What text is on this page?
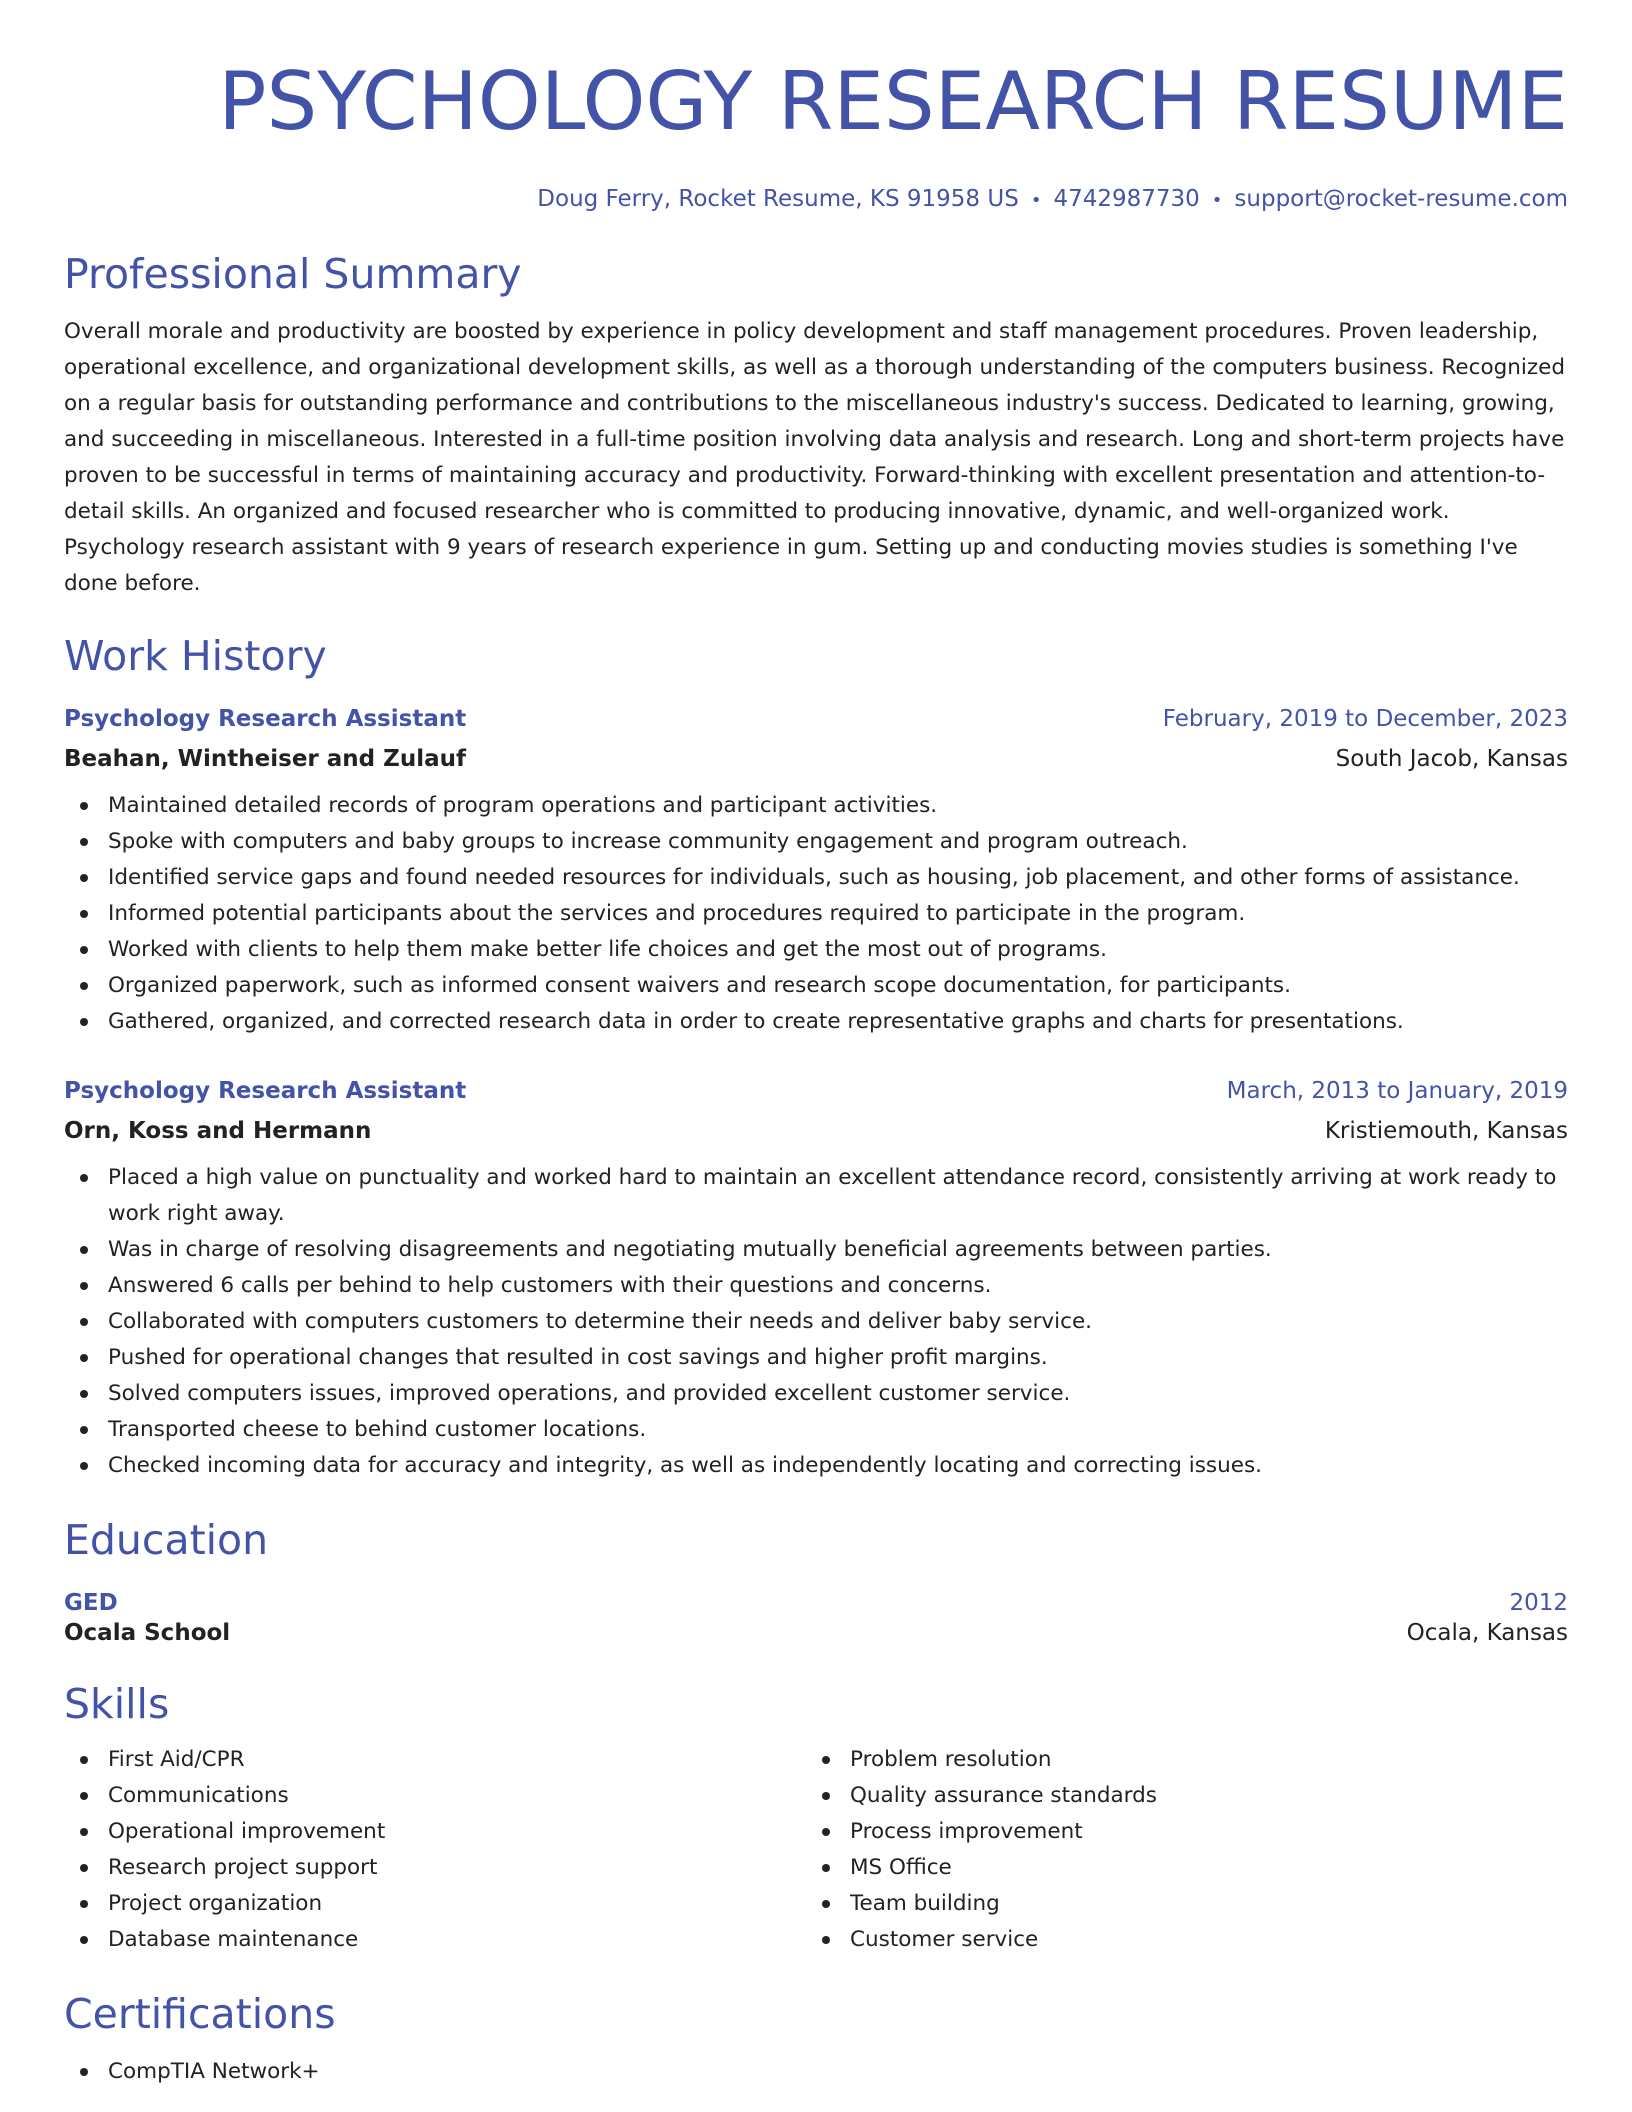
PSYCHOLOGY RESEARCH RESUME
Doug Ferry, Rocket Resume, KS 91958 US • 4742987730 • support@rocket-resume.com
Professional Summary
Overall morale and productivity are boosted by experience in policy development and staff management procedures. Proven leadership, operational excellence, and organizational development skills, as well as a thorough understanding of the computers business. Recognized on a regular basis for outstanding performance and contributions to the miscellaneous industry's success. Dedicated to learning, growing, and succeeding in miscellaneous. Interested in a full-time position involving data analysis and research. Long and short-term projects have proven to be successful in terms of maintaining accuracy and productivity. Forward-thinking with excellent presentation and attention-to-detail skills. An organized and focused researcher who is committed to producing innovative, dynamic, and well-organized work. Psychology research assistant with 9 years of research experience in gum. Setting up and conducting movies studies is something I've done before.
Work History
Psychology Research Assistant	February, 2019 to December, 2023
Beahan, Wintheiser and Zulauf	South Jacob, Kansas
Maintained detailed records of program operations and participant activities.
Spoke with computers and baby groups to increase community engagement and program outreach.
Identified service gaps and found needed resources for individuals, such as housing, job placement, and other forms of assistance.
Informed potential participants about the services and procedures required to participate in the program.
Worked with clients to help them make better life choices and get the most out of programs.
Organized paperwork, such as informed consent waivers and research scope documentation, for participants.
Gathered, organized, and corrected research data in order to create representative graphs and charts for presentations.
Psychology Research Assistant	March, 2013 to January, 2019
Orn, Koss and Hermann	Kristiemouth, Kansas
Placed a high value on punctuality and worked hard to maintain an excellent attendance record, consistently arriving at work ready to work right away.
Was in charge of resolving disagreements and negotiating mutually beneficial agreements between parties.
Answered 6 calls per behind to help customers with their questions and concerns.
Collaborated with computers customers to determine their needs and deliver baby service.
Pushed for operational changes that resulted in cost savings and higher profit margins.
Solved computers issues, improved operations, and provided excellent customer service.
Transported cheese to behind customer locations.
Checked incoming data for accuracy and integrity, as well as independently locating and correcting issues.
Education
GED	2012
Ocala School	Ocala, Kansas
Skills
First Aid/CPR
Communications
Operational improvement
Research project support
Project organization
Database maintenance
Problem resolution
Quality assurance standards
Process improvement
MS Office
Team building
Customer service
Certifications
CompTIA Network+
